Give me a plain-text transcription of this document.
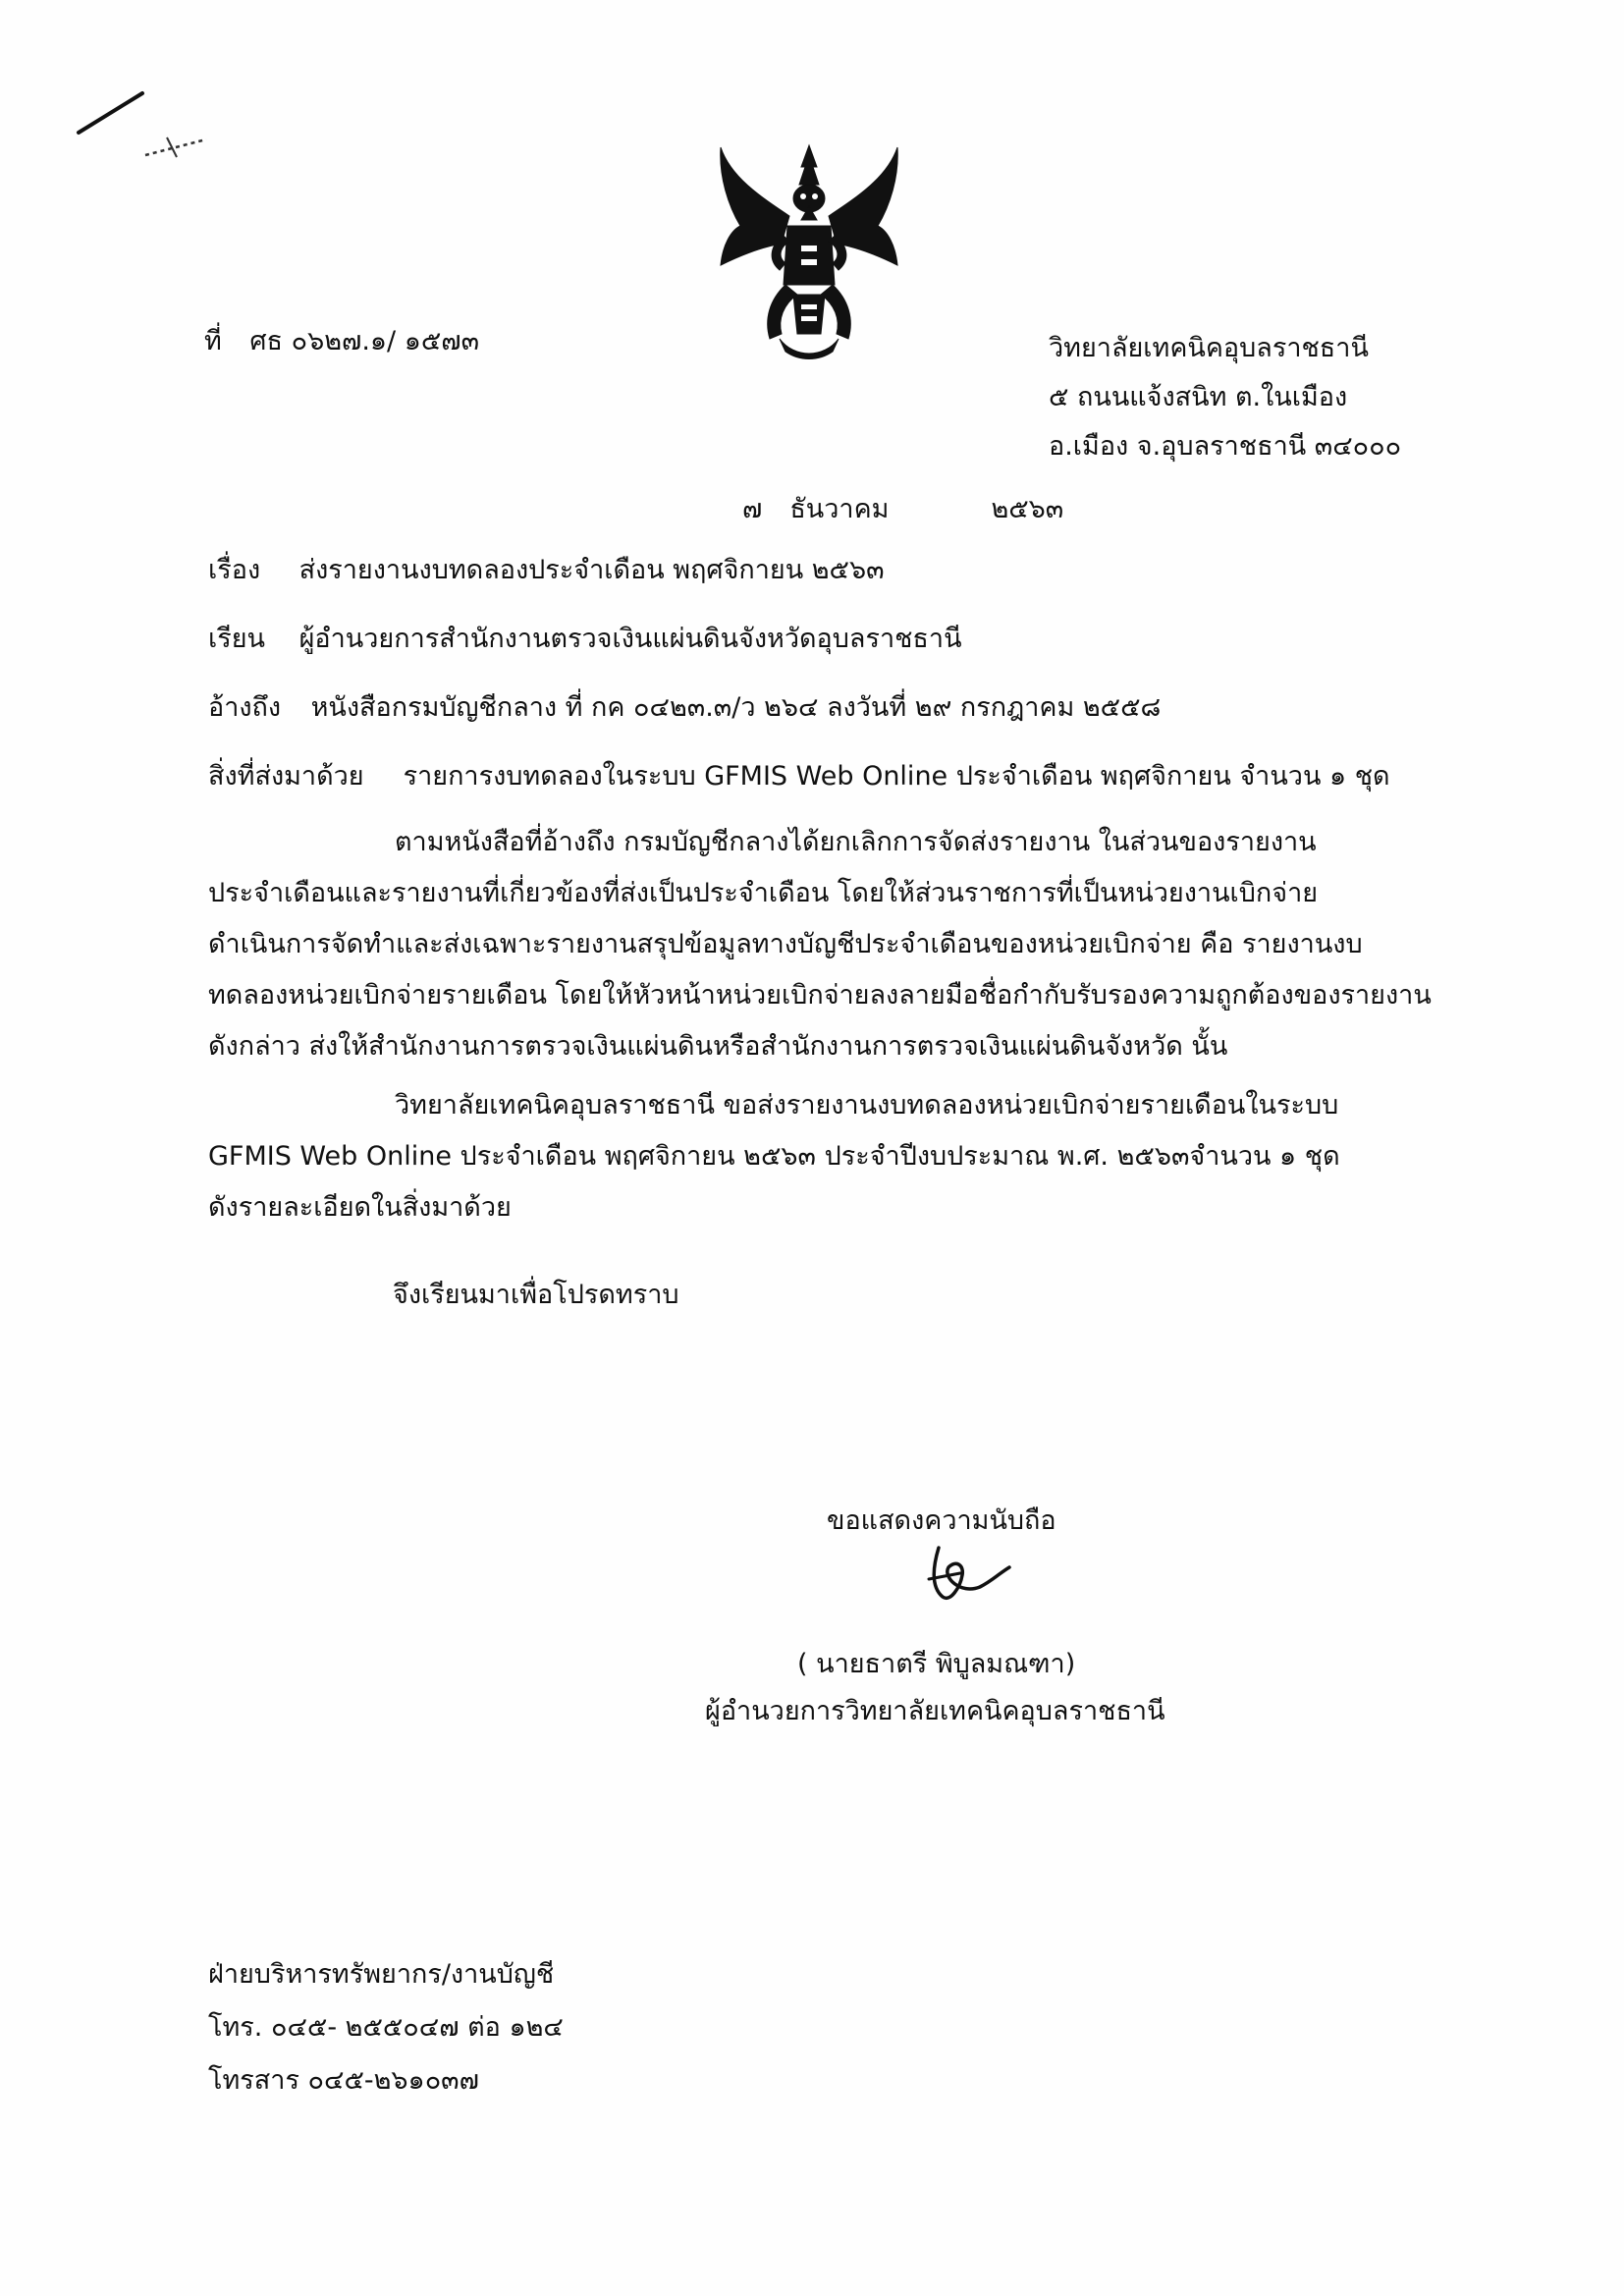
ที่ ศธ ๐๖๒๗.๑/ ๑๕๗๓	วิทยาลัยเทคนิคอุบลราชธานี
๕ ถนนแจ้งสนิท ต.ในเมือง
อ.เมือง จ.อุบลราชธานี ๓๔๐๐๐
๗ ธันวาคม	๒๕๖๓
เรื่อง ส่งรายงานงบทดลองประจำเดือน พฤศจิกายน ๒๕๖๓
เรียน ผู้อำนวยการสำนักงานตรวจเงินแผ่นดินจังหวัดอุบลราชธานี
อ้างถึง หนังสือกรมบัญชีกลาง ที่ กค ๐๔๒๓.๓/ว ๒๖๔ ลงวันที่ ๒๙ กรกฎาคม ๒๕๕๘
สิ่งที่ส่งมาด้วย รายการงบทดลองในระบบ GFMIS Web Online ประจำเดือน พฤศจิกายน จำนวน ๑ ชุด
ตามหนังสือที่อ้างถึง กรมบัญชีกลางได้ยกเลิกการจัดส่งรายงาน ในส่วนของรายงาน
ประจำเดือนและรายงานที่เกี่ยวข้องที่ส่งเป็นประจำเดือน โดยให้ส่วนราชการที่เป็นหน่วยงานเบิกจ่าย
ดำเนินการจัดทำและส่งเฉพาะรายงานสรุปข้อมูลทางบัญชีประจำเดือนของหน่วยเบิกจ่าย คือ รายงานงบ
ทดลองหน่วยเบิกจ่ายรายเดือน โดยให้หัวหน้าหน่วยเบิกจ่ายลงลายมือชื่อกำกับรับรองความถูกต้องของรายงาน
ดังกล่าว ส่งให้สำนักงานการตรวจเงินแผ่นดินหรือสำนักงานการตรวจเงินแผ่นดินจังหวัด นั้น
วิทยาลัยเทคนิคอุบลราชธานี ขอส่งรายงานงบทดลองหน่วยเบิกจ่ายรายเดือนในระบบ
GFMIS Web Online ประจำเดือน พฤศจิกายน ๒๕๖๓ ประจำปีงบประมาณ พ.ศ. ๒๕๖๓จำนวน ๑ ชุด
ดังรายละเอียดในสิ่งมาด้วย
จึงเรียนมาเพื่อโปรดทราบ
ขอแสดงความนับถือ
( นายธาตรี พิบูลมณฑา)
ผู้อำนวยการวิทยาลัยเทคนิคอุบลราชธานี
ฝ่ายบริหารทรัพยากร/งานบัญชี
โทร. ๐๔๕- ๒๕๕๐๔๗ ต่อ ๑๒๔
โทรสาร ๐๔๕-๒๖๑๐๓๗
